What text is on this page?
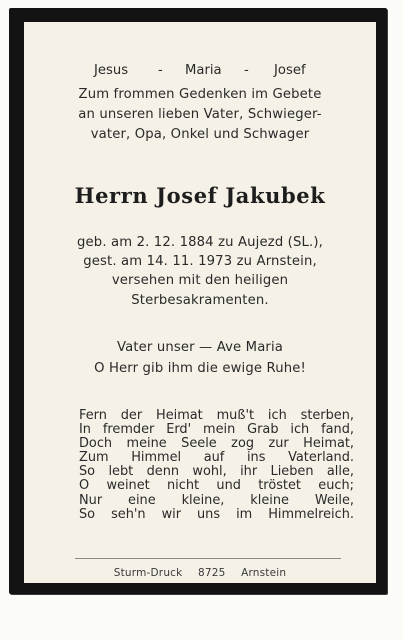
Jesus - Maria - Josef
Zum frommen Gedenken im Gebete
an unseren lieben Vater, Schwieger-
vater, Opa, Onkel und Schwager
Herrn Josef Jakubek
geb. am 2. 12. 1884 zu Aujezd (SL.),
gest. am 14. 11. 1973 zu Arnstein,
versehen mit den heiligen
Sterbesakramenten.
Vater unser — Ave Maria
O Herr gib ihm die ewige Ruhe!
Fern der Heimat muß't ich sterben,
In fremder Erd' mein Grab ich fand,
Doch meine Seele zog zur Heimat,
Zum Himmel auf ins Vaterland.
So lebt denn wohl, ihr Lieben alle,
O weinet nicht und tröstet euch;
Nur eine kleine, kleine Weile,
So seh'n wir uns im Himmelreich.
Sturm-Druck 8725 Arnstein
